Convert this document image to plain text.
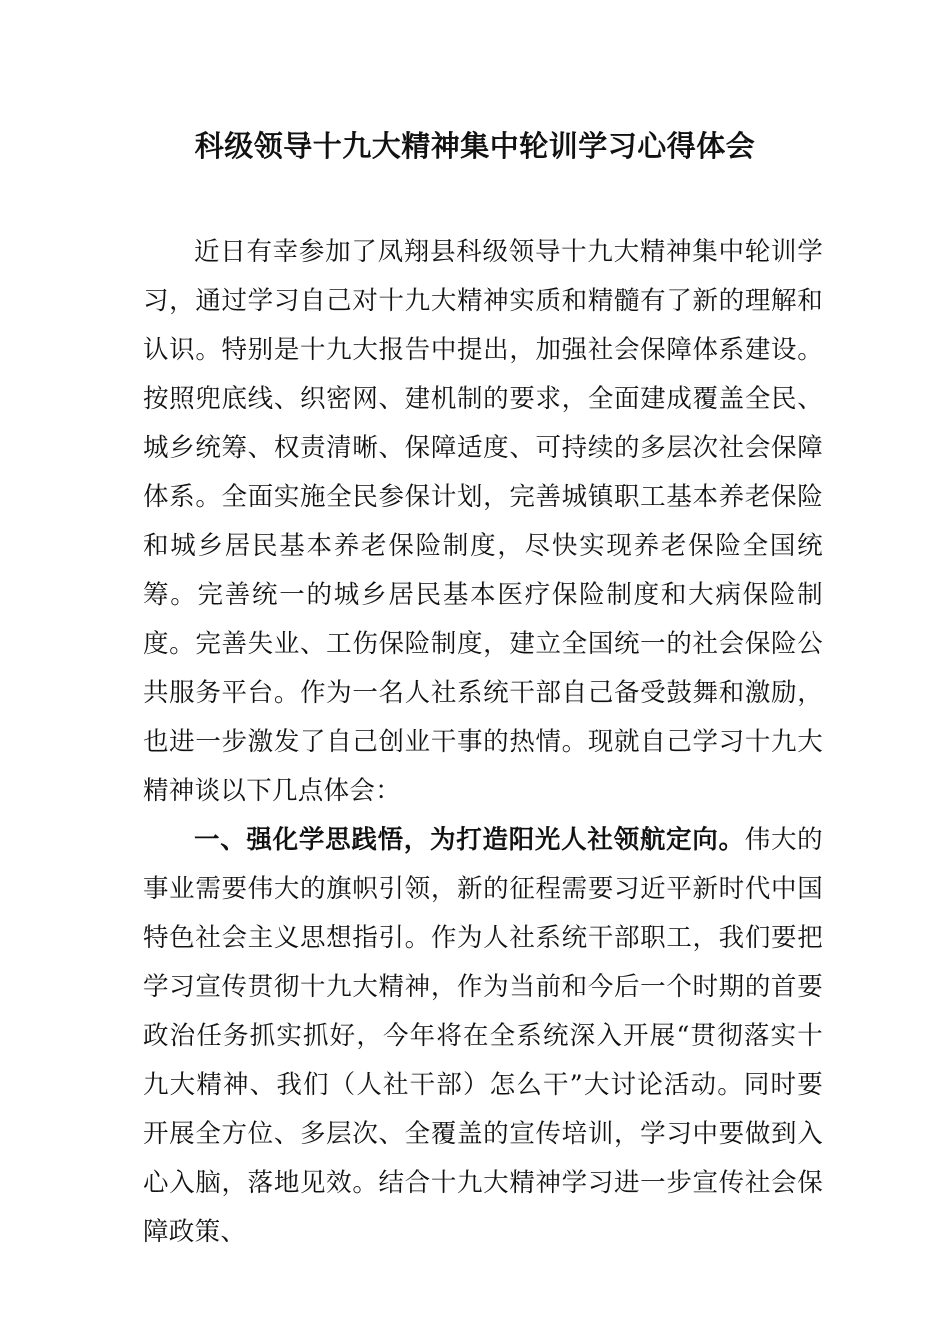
科级领导十九大精神集中轮训学习心得体会

近日有幸参加了凤翔县科级领导十九大精神集中轮训学习，通过学习自己对十九大精神实质和精髓有了新的理解和认识。特别是十九大报告中提出，加强社会保障体系建设。按照兜底线、织密网、建机制的要求，全面建成覆盖全民、城乡统筹、权责清晰、保障适度、可持续的多层次社会保障体系。全面实施全民参保计划，完善城镇职工基本养老保险和城乡居民基本养老保险制度，尽快实现养老保险全国统筹。完善统一的城乡居民基本医疗保险制度和大病保险制度。完善失业、工伤保险制度，建立全国统一的社会保险公共服务平台。作为一名人社系统干部自己备受鼓舞和激励，也进一步激发了自己创业干事的热情。现就自己学习十九大精神谈以下几点体会：

一、强化学思践悟，为打造阳光人社领航定向。伟大的事业需要伟大的旗帜引领，新的征程需要习近平新时代中国特色社会主义思想指引。作为人社系统干部职工，我们要把学习宣传贯彻十九大精神，作为当前和今后一个时期的首要政治任务抓实抓好，今年将在全系统深入开展“贯彻落实十九大精神、我们（人社干部）怎么干”大讨论活动。同时要开展全方位、多层次、全覆盖的宣传培训，学习中要做到入心入脑，落地见效。结合十九大精神学习进一步宣传社会保障政策、
